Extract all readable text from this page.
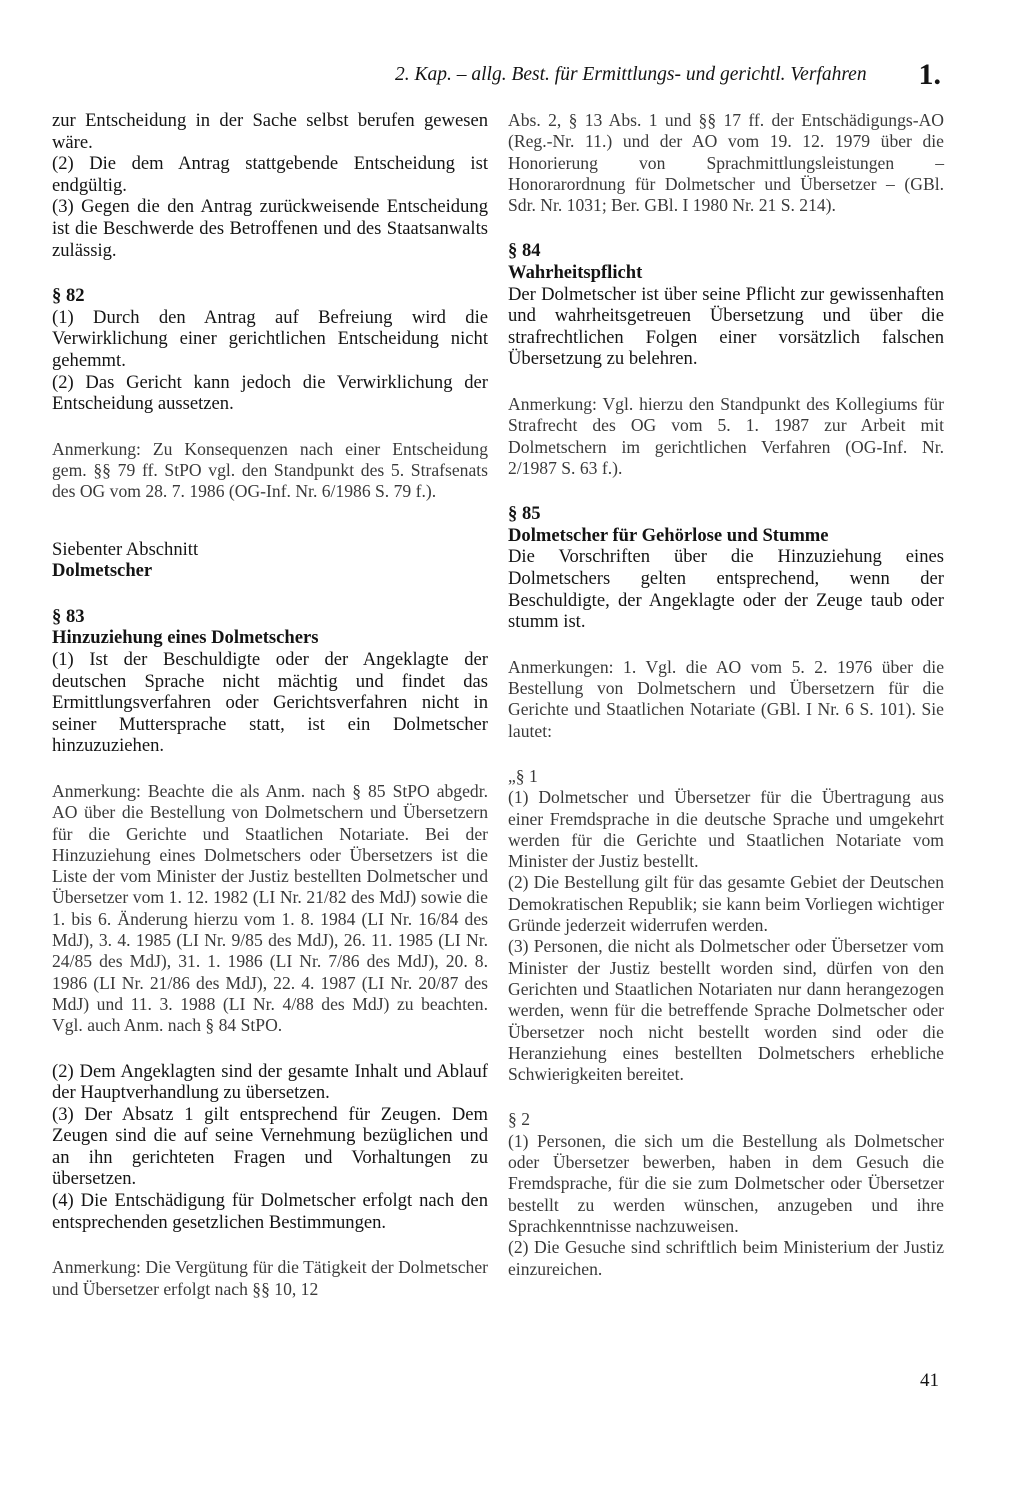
2. Kap. – allg. Best. für Ermittlungs- und gerichtl. Verfahren 1.

zur Entscheidung in der Sache selbst berufen gewesen wäre.

(2) Die dem Antrag stattgebende Entscheidung ist endgültig.

(3) Gegen die den Antrag zurückweisende Entscheidung ist die Beschwerde des Betroffenen und des Staatsanwalts zulässig.

§ 82

(1) Durch den Antrag auf Befreiung wird die Verwirklichung einer gerichtlichen Entscheidung nicht gehemmt.

(2) Das Gericht kann jedoch die Verwirklichung der Entscheidung aussetzen.

Anmerkung: Zu Konsequenzen nach einer Entscheidung gem. §§ 79 ff. StPO vgl. den Standpunkt des 5. Strafsenats des OG vom 28. 7. 1986 (OG-Inf. Nr. 6/1986 S. 79 f.).

Siebenter Abschnitt

Dolmetscher

§ 83

Hinzuziehung eines Dolmetschers

(1) Ist der Beschuldigte oder der Angeklagte der deutschen Sprache nicht mächtig und findet das Ermittlungsverfahren oder Gerichtsverfahren nicht in seiner Muttersprache statt, ist ein Dolmetscher hinzuzuziehen.

Anmerkung: Beachte die als Anm. nach § 85 StPO abgedr. AO über die Bestellung von Dolmetschern und Übersetzern für die Gerichte und Staatlichen Notariate. Bei der Hinzuziehung eines Dolmetschers oder Übersetzers ist die Liste der vom Minister der Justiz bestellten Dolmetscher und Übersetzer vom 1. 12. 1982 (LI Nr. 21/82 des MdJ) sowie die 1. bis 6. Änderung hierzu vom 1. 8. 1984 (LI Nr. 16/84 des MdJ), 3. 4. 1985 (LI Nr. 9/85 des MdJ), 26. 11. 1985 (LI Nr. 24/85 des MdJ), 31. 1. 1986 (LI Nr. 7/86 des MdJ), 20. 8. 1986 (LI Nr. 21/86 des MdJ), 22. 4. 1987 (LI Nr. 20/87 des MdJ) und 11. 3. 1988 (LI Nr. 4/88 des MdJ) zu beachten. Vgl. auch Anm. nach § 84 StPO.

(2) Dem Angeklagten sind der gesamte Inhalt und Ablauf der Hauptverhandlung zu übersetzen.

(3) Der Absatz 1 gilt entsprechend für Zeugen. Dem Zeugen sind die auf seine Vernehmung bezüglichen und an ihn gerichteten Fragen und Vorhaltungen zu übersetzen.

(4) Die Entschädigung für Dolmetscher erfolgt nach den entsprechenden gesetzlichen Bestimmungen.

Anmerkung: Die Vergütung für die Tätigkeit der Dolmetscher und Übersetzer erfolgt nach §§ 10, 12

Abs. 2, § 13 Abs. 1 und §§ 17 ff. der Entschädigungs-AO (Reg.-Nr. 11.) und der AO vom 19. 12. 1979 über die Honorierung von Sprachmittlungsleistungen – Honorarordnung für Dolmetscher und Übersetzer – (GBl. Sdr. Nr. 1031; Ber. GBl. I 1980 Nr. 21 S. 214).

§ 84

Wahrheitspflicht

Der Dolmetscher ist über seine Pflicht zur gewissenhaften und wahrheitsgetreuen Übersetzung und über die strafrechtlichen Folgen einer vorsätzlich falschen Übersetzung zu belehren.

Anmerkung: Vgl. hierzu den Standpunkt des Kollegiums für Strafrecht des OG vom 5. 1. 1987 zur Arbeit mit Dolmetschern im gerichtlichen Verfahren (OG-Inf. Nr. 2/1987 S. 63 f.).

§ 85

Dolmetscher für Gehörlose und Stumme

Die Vorschriften über die Hinzuziehung eines Dolmetschers gelten entsprechend, wenn der Beschuldigte, der Angeklagte oder der Zeuge taub oder stumm ist.

Anmerkungen: 1. Vgl. die AO vom 5. 2. 1976 über die Bestellung von Dolmetschern und Übersetzern für die Gerichte und Staatlichen Notariate (GBl. I Nr. 6 S. 101). Sie lautet:

„§ 1

(1) Dolmetscher und Übersetzer für die Übertragung aus einer Fremdsprache in die deutsche Sprache und umgekehrt werden für die Gerichte und Staatlichen Notariate vom Minister der Justiz bestellt.

(2) Die Bestellung gilt für das gesamte Gebiet der Deutschen Demokratischen Republik; sie kann beim Vorliegen wichtiger Gründe jederzeit widerrufen werden.

(3) Personen, die nicht als Dolmetscher oder Übersetzer vom Minister der Justiz bestellt worden sind, dürfen von den Gerichten und Staatlichen Notariaten nur dann herangezogen werden, wenn für die betreffende Sprache Dolmetscher oder Übersetzer noch nicht bestellt worden sind oder die Heranziehung eines bestellten Dolmetschers erhebliche Schwierigkeiten bereitet.

§ 2

(1) Personen, die sich um die Bestellung als Dolmetscher oder Übersetzer bewerben, haben in dem Gesuch die Fremdsprache, für die sie zum Dolmetscher oder Übersetzer bestellt zu werden wünschen, anzugeben und ihre Sprachkenntnisse nachzuweisen.

(2) Die Gesuche sind schriftlich beim Ministerium der Justiz einzureichen.

41
